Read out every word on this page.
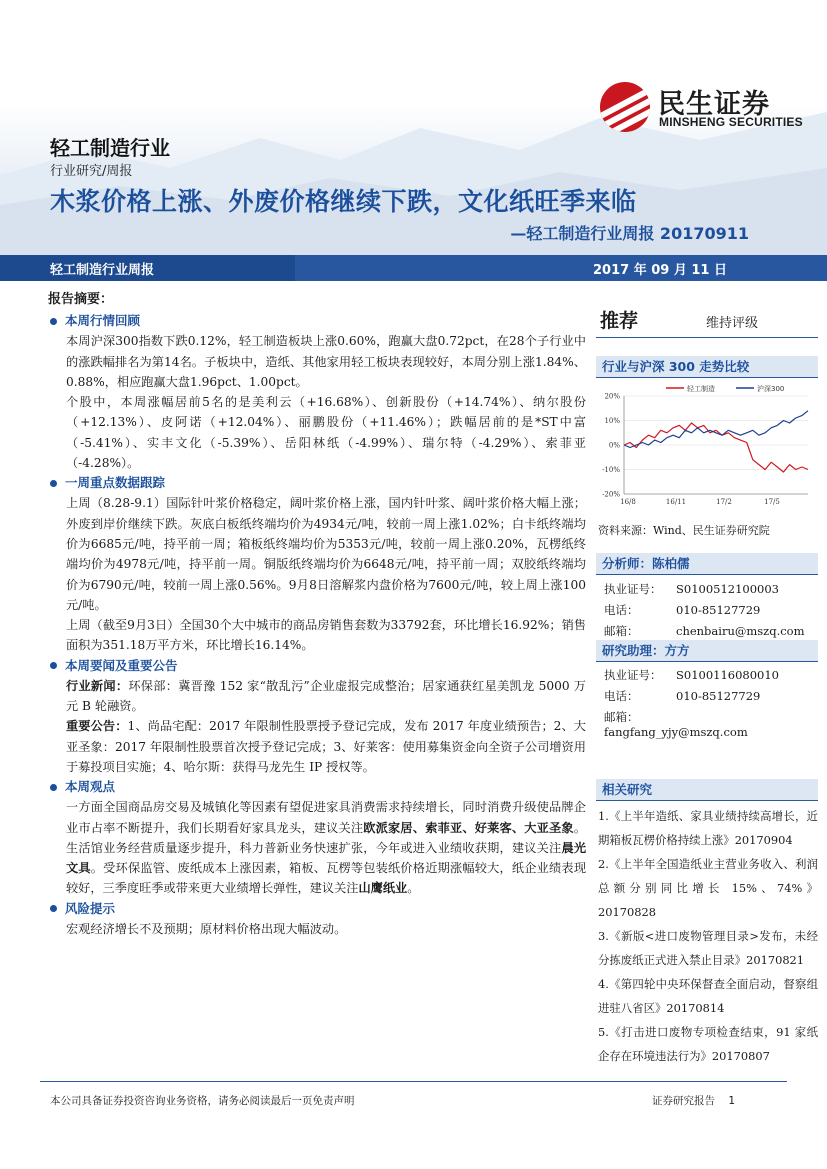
民生证券
MINSHENG SECURITIES
轻工制造行业
行业研究/周报
木浆价格上涨、外废价格继续下跌，文化纸旺季来临
—轻工制造行业周报 20170911
轻工制造行业周报	2017 年 09 月 11 日
报告摘要：
本周行情回顾
本周沪深300指数下跌0.12%，轻工制造板块上涨0.60%，跑赢大盘0.72pct，在28个子行业中的涨跌幅排名为第14名。子板块中，造纸、其他家用轻工板块表现较好，本周分别上涨1.84%、0.88%，相应跑赢大盘1.96pct、1.00pct。
个股中，本周涨幅居前5名的是美利云（+16.68%）、创新股份（+14.74%）、纳尔股份（+12.13%）、皮阿诺（+12.04%）、丽鹏股份（+11.46%）；跌幅居前的是*ST中富（-5.41%）、实丰文化（-5.39%）、岳阳林纸（-4.99%）、瑞尔特（-4.29%）、索菲亚（-4.28%）。
一周重点数据跟踪
上周（8.28-9.1）国际针叶浆价格稳定，阔叶浆价格上涨，国内针叶浆、阔叶浆价格大幅上涨；外废到岸价继续下跌。灰底白板纸终端均价为4934元/吨，较前一周上涨1.02%；白卡纸终端均价为6685元/吨，持平前一周；箱板纸终端均价为5353元/吨，较前一周上涨0.20%，瓦楞纸终端均价为4978元/吨，持平前一周。铜版纸终端均价为6648元/吨，持平前一周；双胶纸终端均价为6790元/吨，较前一周上涨0.56%。9月8日溶解浆内盘价格为7600元/吨，较上周上涨100元/吨。
上周（截至9月3日）全国30个大中城市的商品房销售套数为33792套，环比增长16.92%；销售面积为351.18万平方米，环比增长16.14%。
本周要闻及重要公告
行业新闻：环保部：冀晋豫 152 家“散乱污”企业虚报完成整治；居家通获红星美凯龙 5000 万元 B 轮融资。
重要公告：1、尚品宅配：2017 年限制性股票授予登记完成，发布 2017 年度业绩预告；2、大亚圣象：2017 年限制性股票首次授予登记完成；3、好莱客：使用募集资金向全资子公司增资用于募投项目实施；4、哈尔斯：获得马龙先生 IP 授权等。
本周观点
一方面全国商品房交易及城镇化等因素有望促进家具消费需求持续增长，同时消费升级使品牌企业市占率不断提升，我们长期看好家具龙头，建议关注欧派家居、索菲亚、好莱客、大亚圣象。生活馆业务经营质量逐步提升，科力普新业务快速扩张，今年或进入业绩收获期，建议关注晨光文具。受环保监管、废纸成本上涨因素，箱板、瓦楞等包装纸价格近期涨幅较大，纸企业绩表现较好，三季度旺季或带来更大业绩增长弹性，建议关注山鹰纸业。
风险提示
宏观经济增长不及预期；原材料价格出现大幅波动。
推荐	维持评级
行业与沪深 300 走势比较
轻工制造	沪深300
20%
10%
0%
-10%
-20%
16/8	16/11	17/2	17/5
资料来源：Wind、民生证券研究院
分析师：陈柏儒
执业证号： S0100512100003
电话：	010-85127729
邮箱：	chenbairu@mszq.com
研究助理：方方
执业证号： S0100116080010
电话：	010-85127729
邮箱：fangfang_yjy@mszq.com
相关研究
1.《上半年造纸、家具业绩持续高增长，近期箱板瓦楞价格持续上涨》20170904
2.《上半年全国造纸业主营业务收入、利润总额分别同比增长 15%、74%》20170828
3.《新版<进口废物管理目录>发布，未经分拣废纸正式进入禁止目录》20170821
4.《第四轮中央环保督查全面启动，督察组进驻八省区》20170814
5.《打击进口废物专项检查结束，91 家纸企存在环境违法行为》20170807
本公司具备证券投资咨询业务资格，请务必阅读最后一页免责声明	证券研究报告    1
